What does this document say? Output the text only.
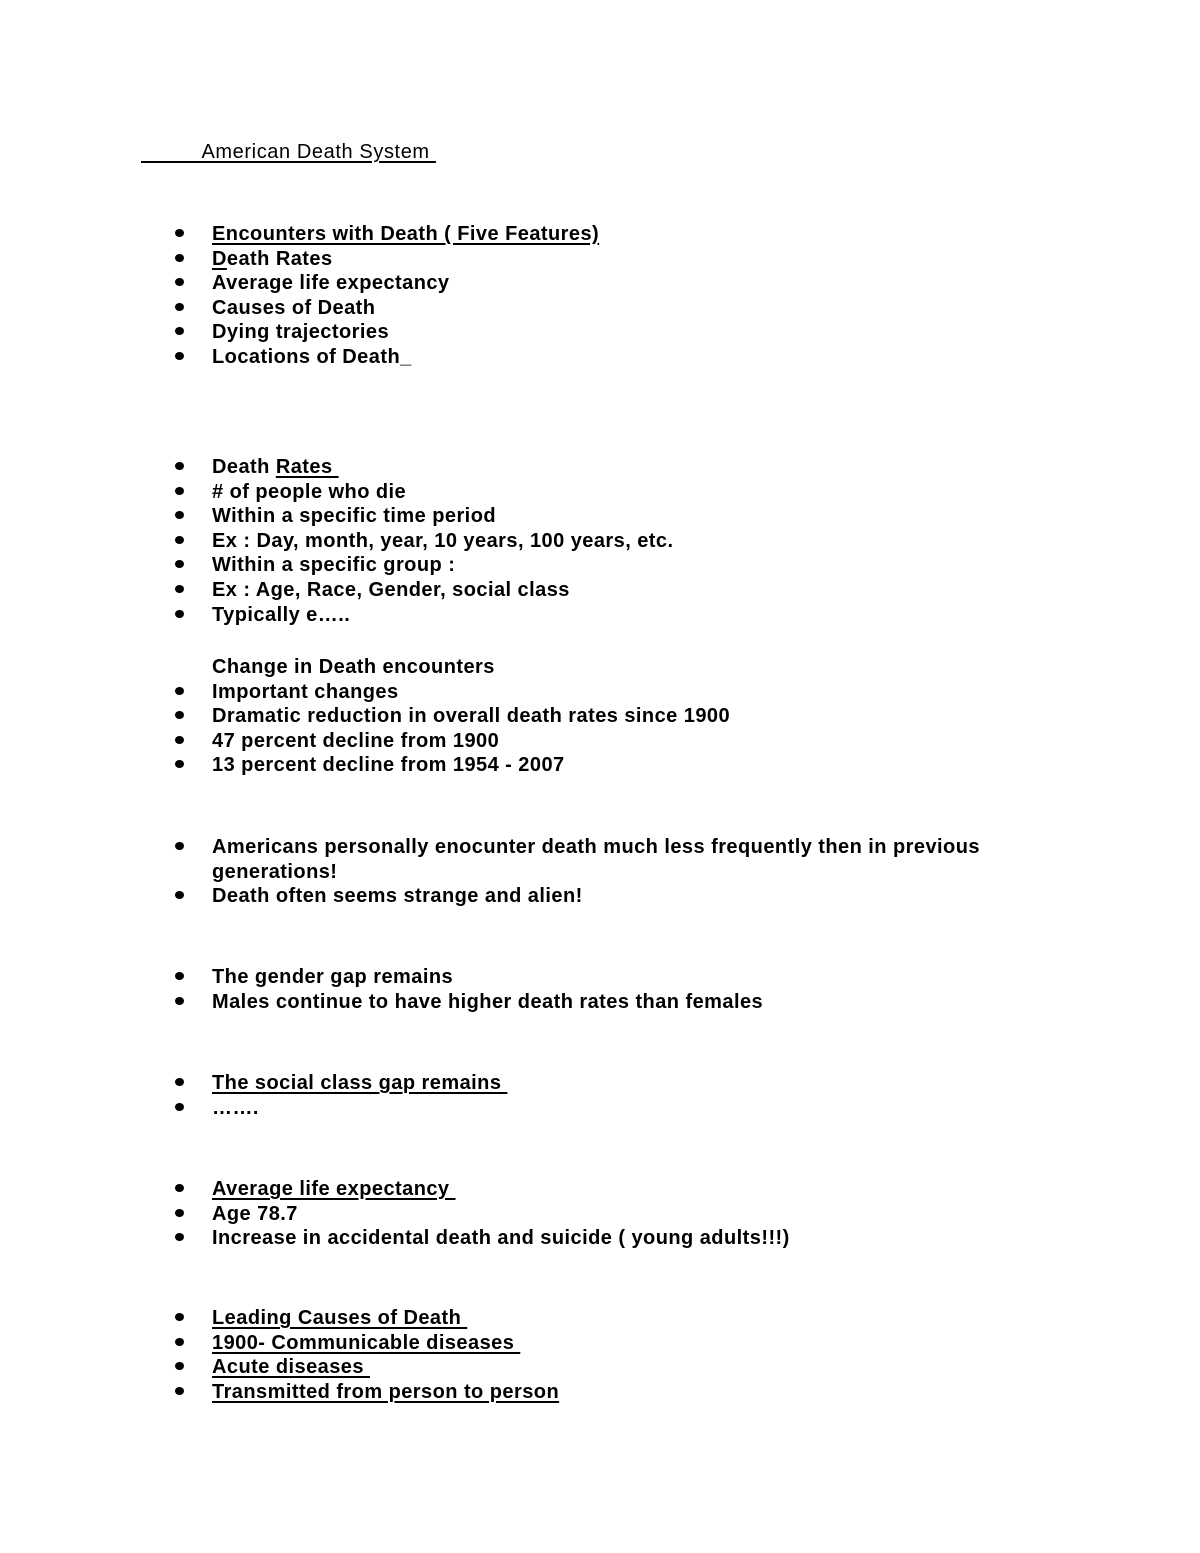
American Death System
Encounters with Death ( Five Features)
Death Rates
Average life expectancy
Causes of Death
Dying trajectories
Locations of Death_
Death Rates
# of people who die
Within a specific time period
Ex : Day, month, year, 10 years, 100 years, etc.
Within a specific group :
Ex : Age, Race, Gender, social class
Typically e…..
Change in Death encounters
Important changes
Dramatic reduction in overall death rates since 1900
47 percent decline from 1900
13 percent decline from 1954 - 2007
Americans personally enocunter death much less frequently then in previous generations!
Death often seems strange and alien!
The gender gap remains
Males continue to have higher death rates than females
The social class gap remains
…….
Average life expectancy
Age 78.7
Increase in accidental death and suicide ( young adults!!!)
Leading Causes of Death
1900- Communicable diseases
Acute diseases
Transmitted from person to person
